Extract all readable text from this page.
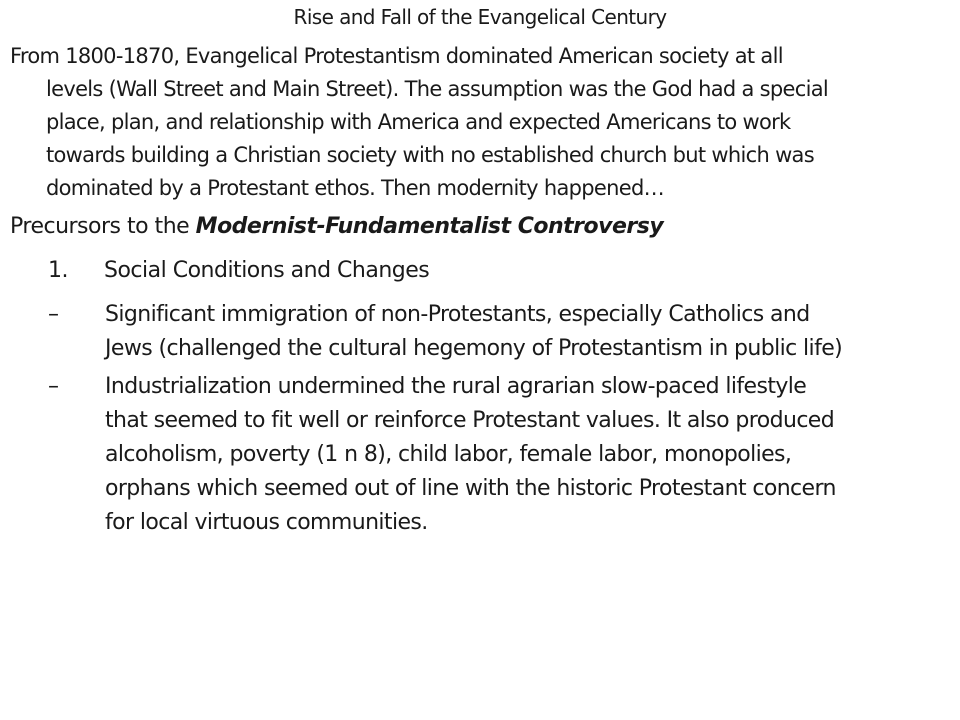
Rise and Fall of the Evangelical Century
From 1800-1870, Evangelical Protestantism dominated American society at all
levels (Wall Street and Main Street). The assumption was the God had a special
place, plan, and relationship with America and expected Americans to work
towards building a Christian society with no established church but which was
dominated by a Protestant ethos. Then modernity happened…
Precursors to the Modernist-Fundamentalist Controversy
1. Social Conditions and Changes
– Significant immigration of non-Protestants, especially Catholics and
Jews (challenged the cultural hegemony of Protestantism in public life)
– Industrialization undermined the rural agrarian slow-paced lifestyle
that seemed to fit well or reinforce Protestant values. It also produced
alcoholism, poverty (1 n 8), child labor, female labor, monopolies,
orphans which seemed out of line with the historic Protestant concern
for local virtuous communities.
